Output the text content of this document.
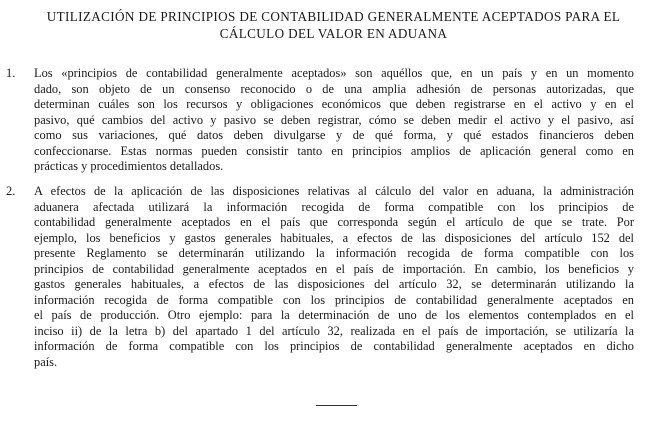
UTILIZACIÓN DE PRINCIPIOS DE CONTABILIDAD GENERALMENTE ACEPTADOS PARA EL
CÁLCULO DEL VALOR EN ADUANA
1. Los «principios de contabilidad generalmente aceptados» son aquéllos que, en un país y en un momento
dado, son objeto de un consenso reconocido o de una amplia adhesión de personas autorizadas, que
determinan cuáles son los recursos y obligaciones económicos que deben registrarse en el activo y en el
pasivo, qué cambios del activo y pasivo se deben registrar, cómo se deben medir el activo y el pasivo, así
como sus variaciones, qué datos deben divulgarse y de qué forma, y qué estados financieros deben
confeccionarse. Estas normas pueden consistir tanto en principios amplios de aplicación general como en
prácticas y procedimientos detallados.
2. A efectos de la aplicación de las disposiciones relativas al cálculo del valor en aduana, la administración
aduanera afectada utilizará la información recogida de forma compatible con los principios de
contabilidad generalmente aceptados en el país que corresponda según el artículo de que se trate. Por
ejemplo, los beneficios y gastos generales habituales, a efectos de las disposiciones del artículo 152 del
presente Reglamento se determinarán utilizando la información recogida de forma compatible con los
principios de contabilidad generalmente aceptados en el país de importación. En cambio, los beneficios y
gastos generales habituales, a efectos de las disposiciones del artículo 32, se determinarán utilizando la
información recogida de forma compatible con los principios de contabilidad generalmente aceptados en
el país de producción. Otro ejemplo: para la determinación de uno de los elementos contemplados en el
inciso ii) de la letra b) del apartado 1 del artículo 32, realizada en el país de importación, se utilizaría la
información de forma compatible con los principios de contabilidad generalmente aceptados en dicho
país.
